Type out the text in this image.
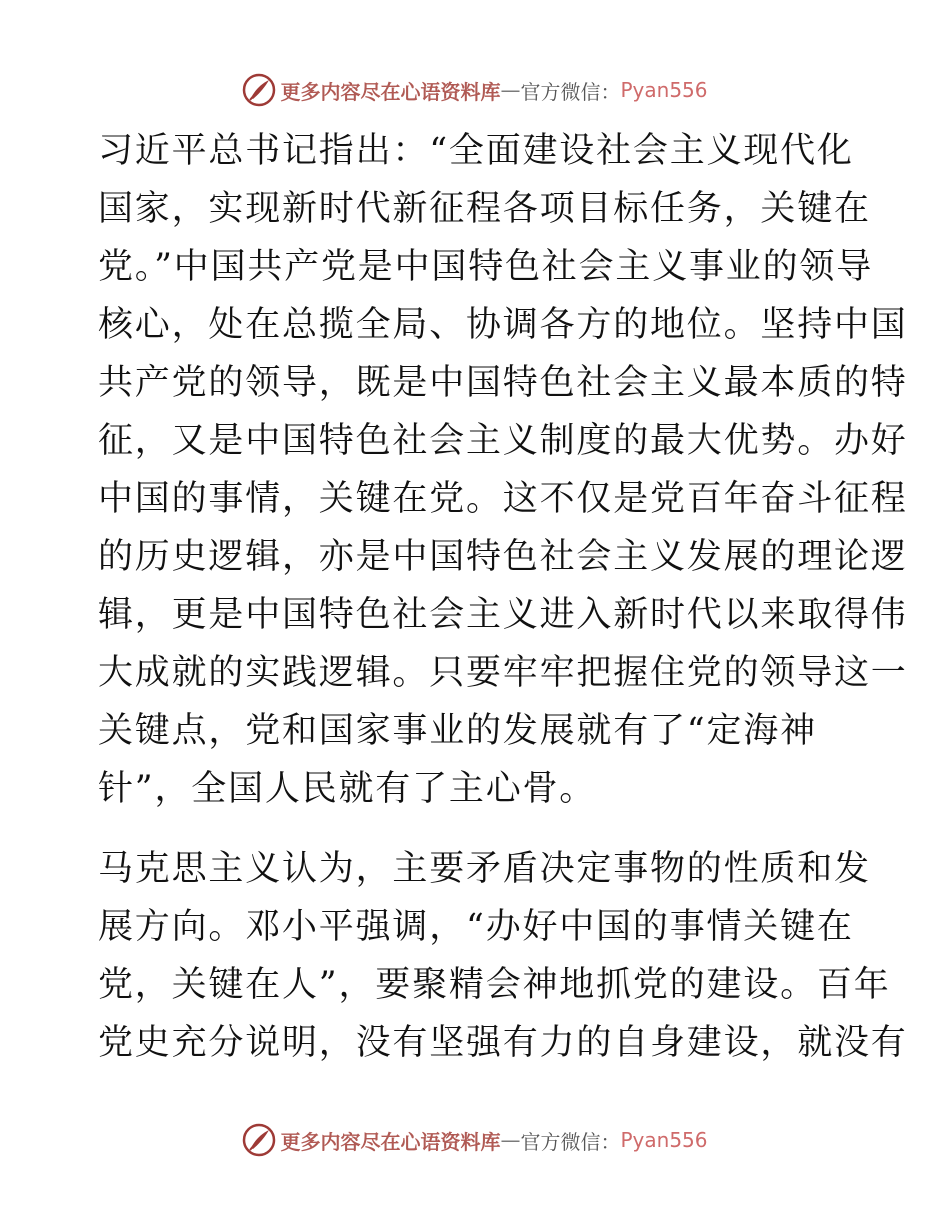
更多内容尽在心语资料库 — 官方微信： Pyan556

习近平总书记指出：“全面建设社会主义现代化
国家，实现新时代新征程各项目标任务，关键在
党。”中国共产党是中国特色社会主义事业的领导
核心，处在总揽全局、协调各方的地位。坚持中国
共产党的领导，既是中国特色社会主义最本质的特
征，又是中国特色社会主义制度的最大优势。办好
中国的事情，关键在党。这不仅是党百年奋斗征程
的历史逻辑，亦是中国特色社会主义发展的理论逻
辑，更是中国特色社会主义进入新时代以来取得伟
大成就的实践逻辑。只要牢牢把握住党的领导这一
关键点，党和国家事业的发展就有了“定海神
针”，全国人民就有了主心骨。

马克思主义认为，主要矛盾决定事物的性质和发
展方向。邓小平强调，“办好中国的事情关键在
党，关键在人”，要聚精会神地抓党的建设。百年
党史充分说明，没有坚强有力的自身建设，就没有

更多内容尽在心语资料库 — 官方微信： Pyan556
